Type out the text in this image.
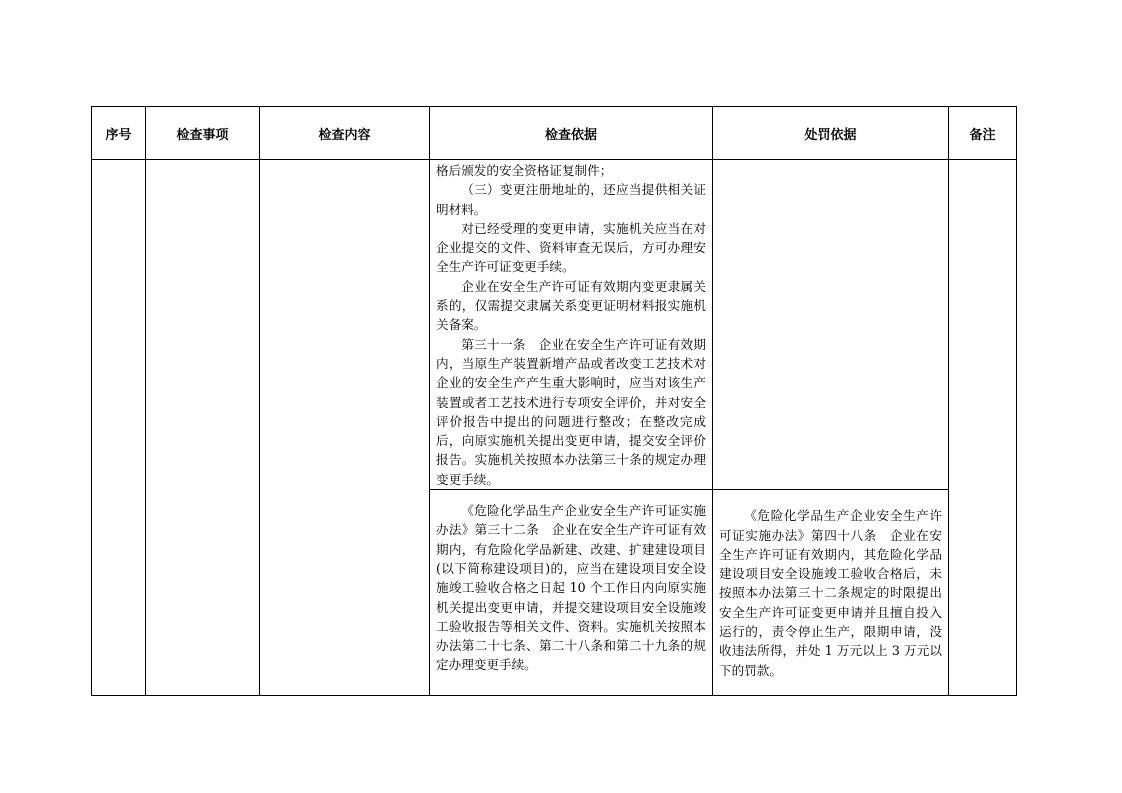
序号	检查事项	检查内容	检查依据	处罚依据	备注

			格后颁发的安全资格证复制件；

（三）变更注册地址的，还应当提供相关证明材料。

对已经受理的变更申请，实施机关应当在对企业提交的文件、资料审查无误后，方可办理安全生产许可证变更手续。

企业在安全生产许可证有效期内变更隶属关系的，仅需提交隶属关系变更证明材料报实施机关备案。

第三十一条　企业在安全生产许可证有效期内，当原生产装置新增产品或者改变工艺技术对企业的安全生产产生重大影响时，应当对该生产装置或者工艺技术进行专项安全评价，并对安全评价报告中提出的问题进行整改；在整改完成后，向原实施机关提出变更申请，提交安全评价报告。实施机关按照本办法第三十条的规定办理变更手续。		

			《危险化学品生产企业安全生产许可证实施办法》第三十二条　企业在安全生产许可证有效期内，有危险化学品新建、改建、扩建建设项目(以下简称建设项目)的，应当在建设项目安全设施竣工验收合格之日起 10 个工作日内向原实施机关提出变更申请，并提交建设项目安全设施竣工验收报告等相关文件、资料。实施机关按照本办法第二十七条、第二十八条和第二十九条的规定办理变更手续。	《危险化学品生产企业安全生产许可证实施办法》第四十八条　企业在安全生产许可证有效期内，其危险化学品建设项目安全设施竣工验收合格后，未按照本办法第三十二条规定的时限提出安全生产许可证变更申请并且擅自投入运行的，责令停止生产，限期申请，没收违法所得，并处 1 万元以上 3 万元以下的罚款。	
